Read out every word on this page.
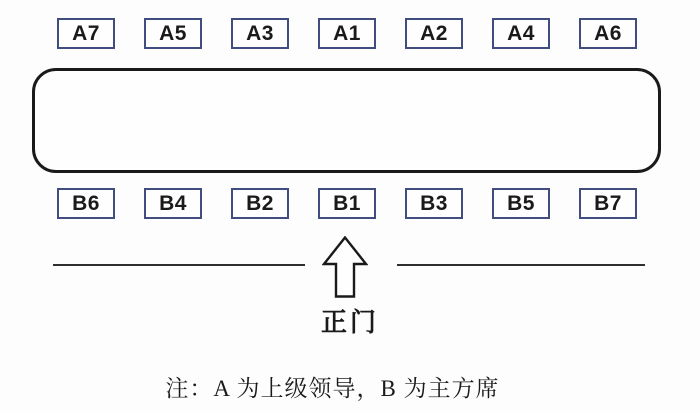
A7	A5	A3	A1	A2	A4	A6
B6	B4	B2	B1	B3	B5	B7
正门
注：A 为上级领导，B 为主方席
